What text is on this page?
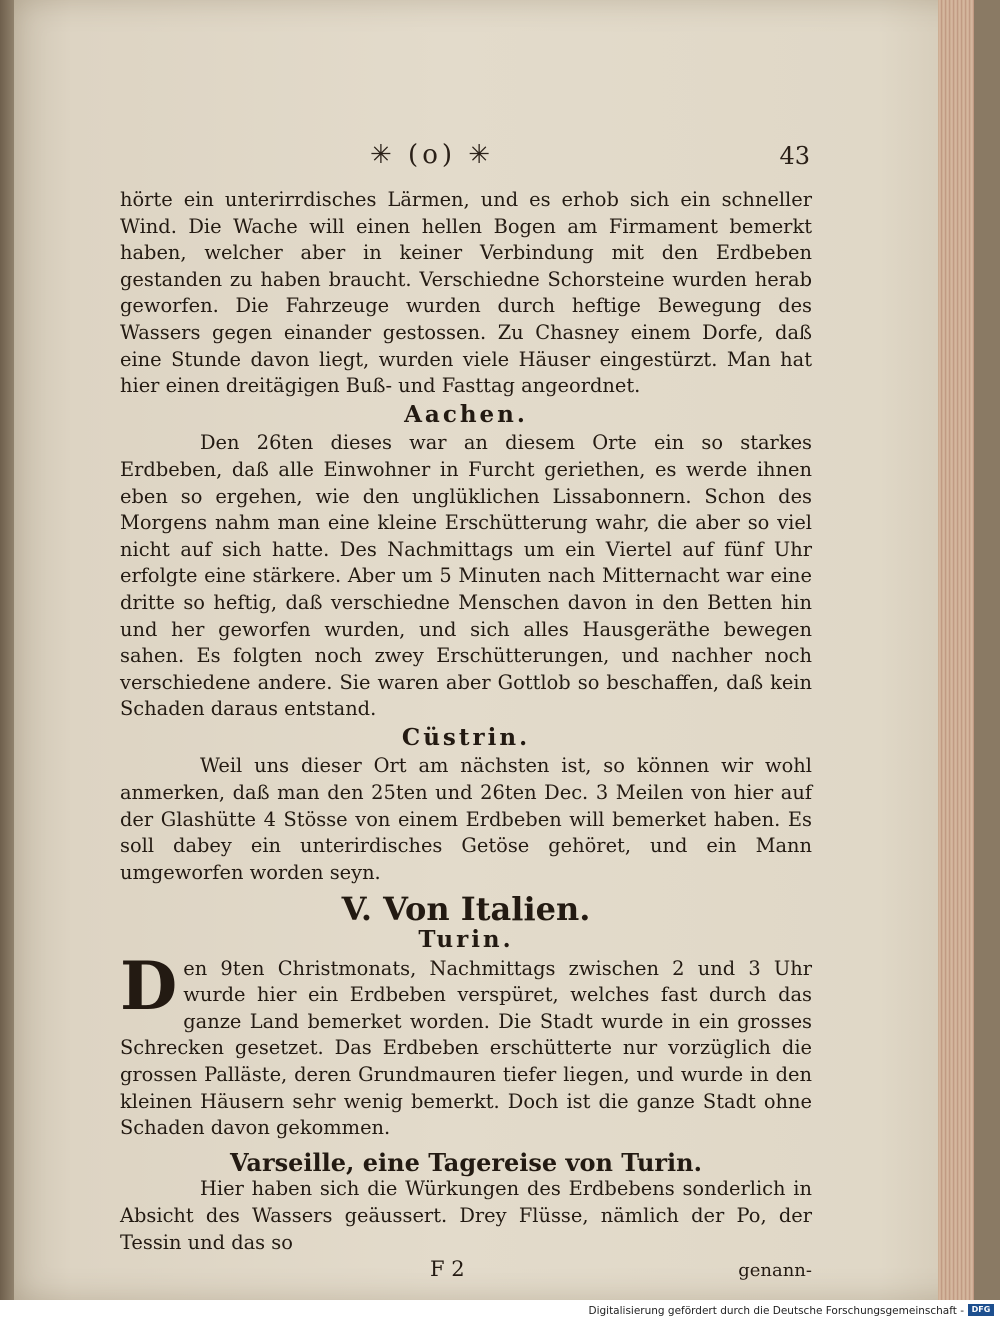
✳ (o) ✳	43

hörte ein unterirrdisches Lärmen, und es erhob sich ein schneller Wind. Die Wache will einen hellen Bogen am Firmament bemerkt haben, welcher aber in keiner Verbindung mit den Erdbeben gestanden zu haben braucht. Verschiedne Schorsteine wurden herab geworfen. Die Fahrzeuge wurden durch heftige Bewegung des Wassers gegen einander gestossen. Zu Chasney einem Dorfe, daß eine Stunde davon liegt, wurden viele Häuser eingestürzt. Man hat hier einen dreitägigen Buß- und Fasttag angeordnet.

Aachen.

Den 26ten dieses war an diesem Orte ein so starkes Erdbeben, daß alle Einwohner in Furcht geriethen, es werde ihnen eben so ergehen, wie den unglüklichen Lissabonnern. Schon des Morgens nahm man eine kleine Erschütterung wahr, die aber so viel nicht auf sich hatte. Des Nachmittags um ein Viertel auf fünf Uhr erfolgte eine stärkere. Aber um 5 Minuten nach Mitternacht war eine dritte so heftig, daß verschiedne Menschen davon in den Betten hin und her geworfen wurden, und sich alles Hausgeräthe bewegen sahen. Es folgten noch zwey Erschütterungen, und nachher noch verschiedene andere. Sie waren aber Gottlob so beschaffen, daß kein Schaden daraus entstand.

Cüstrin.

Weil uns dieser Ort am nächsten ist, so können wir wohl anmerken, daß man den 25ten und 26ten Dec. 3 Meilen von hier auf der Glashütte 4 Stösse von einem Erdbeben will bemerket haben. Es soll dabey ein unterirdisches Getöse gehöret, und ein Mann umgeworfen worden seyn.

V. Von Italien.
Turin.

Den 9ten Christmonats, Nachmittags zwischen 2 und 3 Uhr wurde hier ein Erdbeben verspüret, welches fast durch das ganze Land bemerket worden. Die Stadt wurde in ein grosses Schrecken gesetzet. Das Erdbeben erschütterte nur vorzüglich die grossen Palläste, deren Grundmauren tiefer liegen, und wurde in den kleinen Häusern sehr wenig bemerkt. Doch ist die ganze Stadt ohne Schaden davon gekommen.

Varseille, eine Tagereise von Turin.

Hier haben sich die Würkungen des Erdbebens sonderlich in Absicht des Wassers geäussert. Drey Flüsse, nämlich der Po, der Tessin und das so

F 2	genann-
Digitalisierung gefördert durch die Deutsche Forschungsgemeinschaft - DFG
